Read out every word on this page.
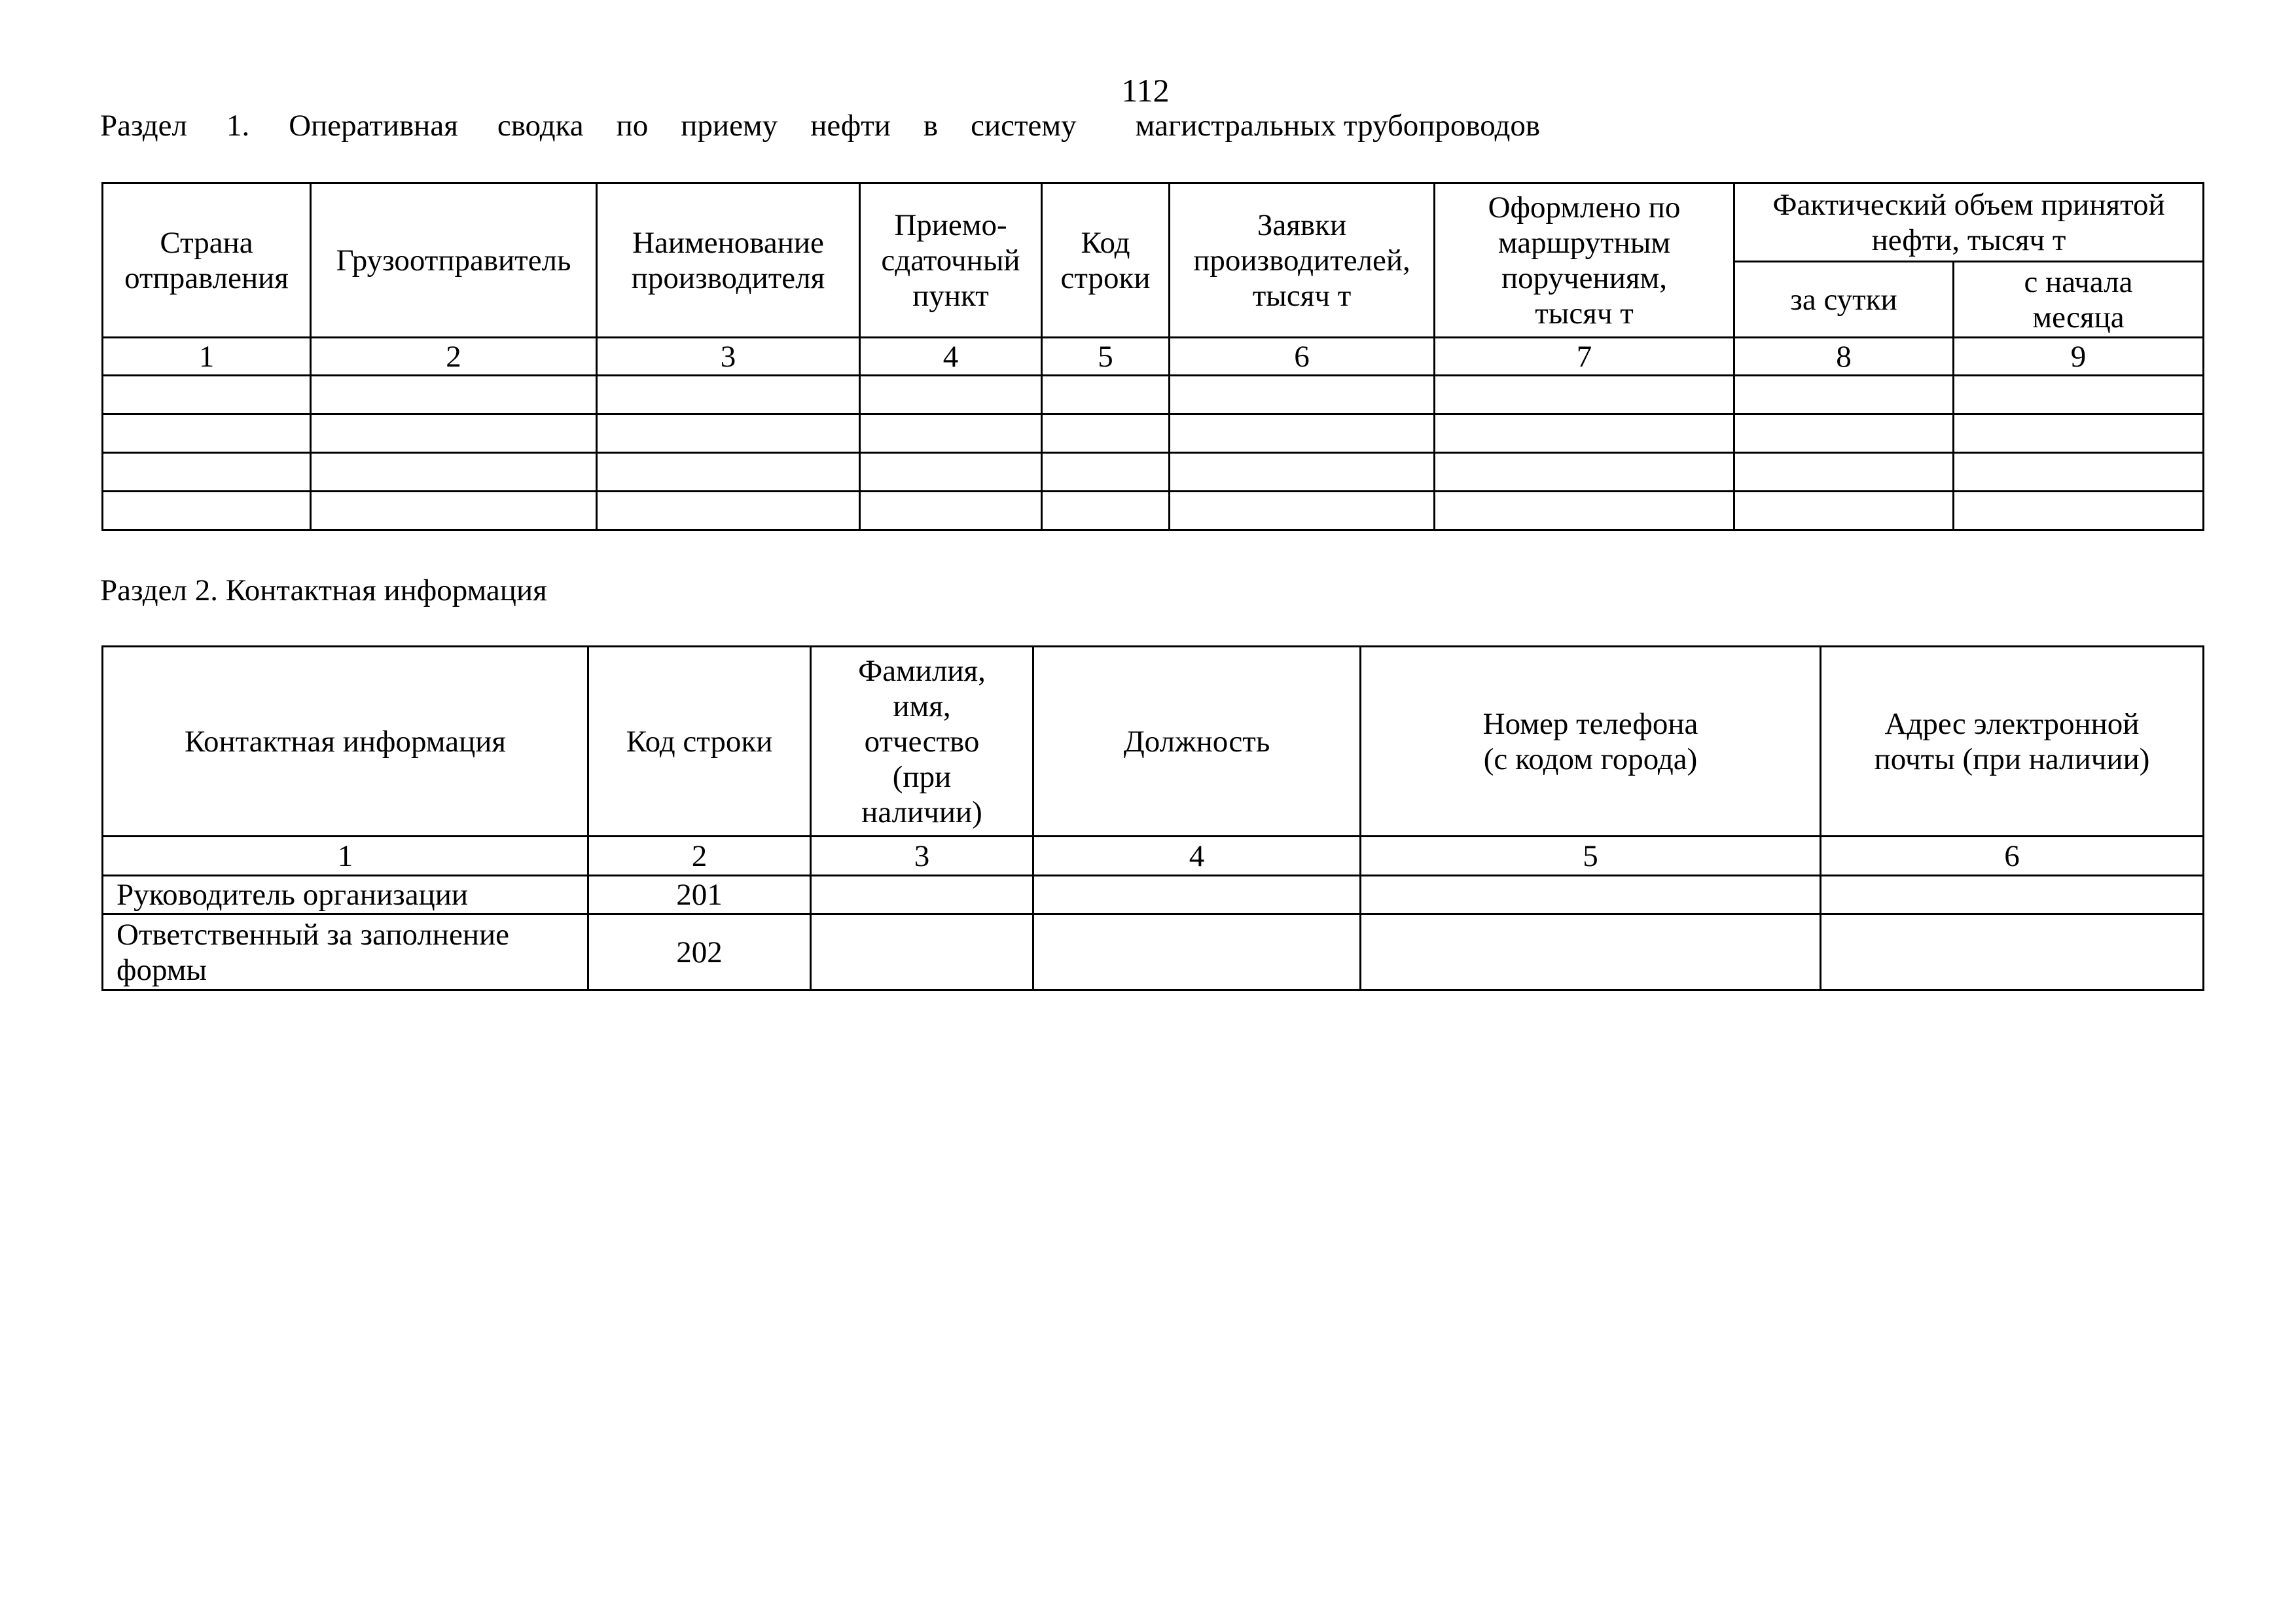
112
Раздел 1. Оперативная сводка по приему нефти в систему магистральных трубопроводов
Страна
отправления	Грузоотправитель	Наименование
производителя	Приемо-
сдаточный
пункт	Код
строки	Заявки
производителей,
тысяч т	Оформлено по
маршрутным
поручениям,
тысяч т	Фактический объем принятой
нефти, тысяч т	

							за сутки	с начала
месяца

1	2	3	4	5	6	7	8	9

Раздел 2. Контактная информация
Контактная информация	Код строки	Фамилия,
имя,
отчество
(при
наличии)	Должность	Номер телефона
(с кодом города)	Адрес электронной
почты (при наличии)

1	2	3	4	5	6
Руководитель организации	201				
Ответственный за заполнение формы	202				
